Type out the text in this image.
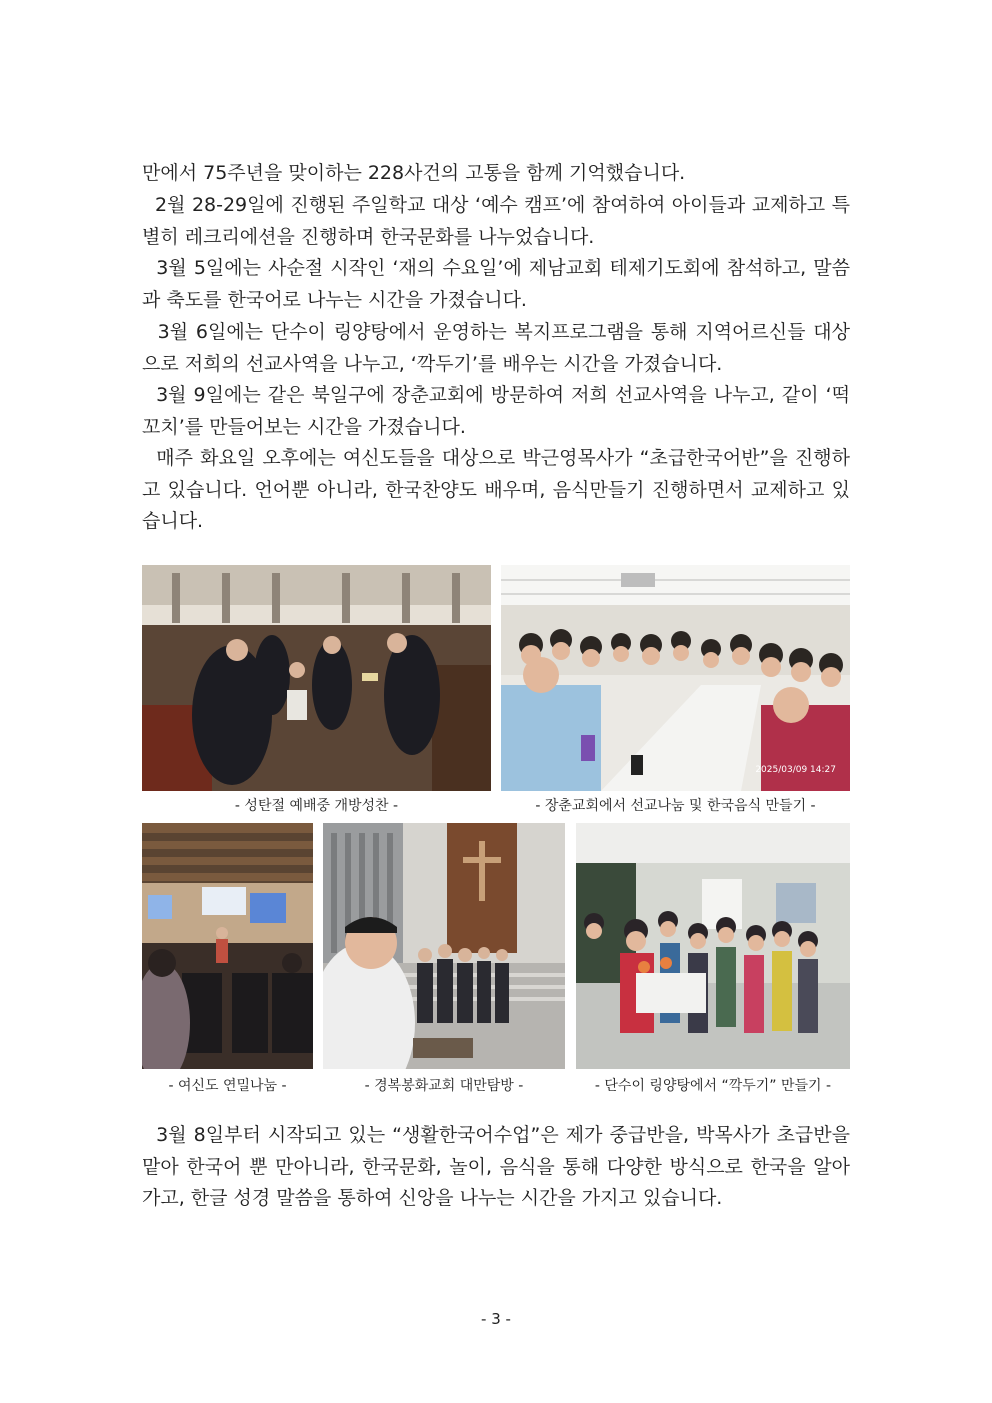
만에서 75주년을 맞이하는 228사건의 고통을 함께 기억했습니다.

2월 28-29일에 진행된 주일학교 대상 ‘예수 캠프’에 참여하여 아이들과 교제하고 특별히 레크리에션을 진행하며 한국문화를 나누었습니다.

3월 5일에는 사순절 시작인 ‘재의 수요일’에 제남교회 테제기도회에 참석하고, 말씀과 축도를 한국어로 나누는 시간을 가졌습니다.

3월 6일에는 단수이 링양탕에서 운영하는 복지프로그램을 통해 지역어르신들 대상으로 저희의 선교사역을 나누고, ‘깍두기’를 배우는 시간을 가졌습니다.

3월 9일에는 같은 북일구에 장춘교회에 방문하여 저희 선교사역을 나누고, 같이 ‘떡꼬치’를 만들어보는 시간을 가졌습니다.

매주 화요일 오후에는 여신도들을 대상으로 박근영목사가 “초급한국어반”을 진행하고 있습니다. 언어뿐 아니라, 한국찬양도 배우며, 음식만들기 진행하면서 교제하고 있습니다.

- 성탄절 예배중 개방성찬 -
2025/03/09 14:27
- 장춘교회에서 선교나눔 및 한국음식 만들기 -
- 여신도 연밀나눔 -	- 경복봉화교회 대만탐방 -	- 단수이 링양탕에서 “깍두기” 만들기 -

3월 8일부터 시작되고 있는 “생활한국어수업”은 제가 중급반을, 박목사가 초급반을 맡아 한국어 뿐 만아니라, 한국문화, 놀이, 음식을 통해 다양한 방식으로 한국을 알아가고, 한글 성경 말씀을 통하여 신앙을 나누는 시간을 가지고 있습니다.

- 3 -
